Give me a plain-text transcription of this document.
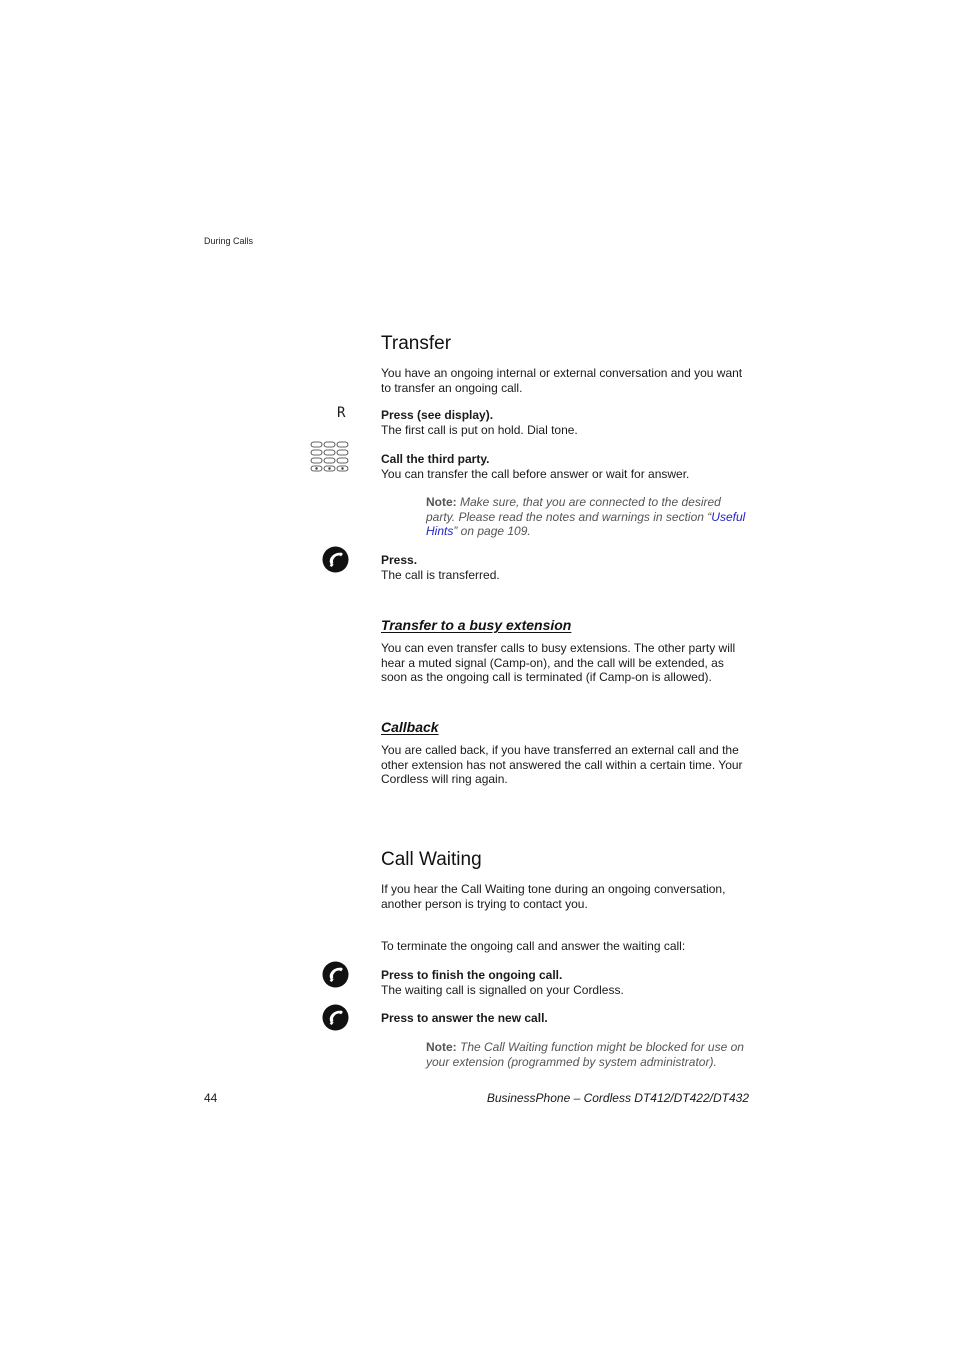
During Calls
Transfer
You have an ongoing internal or external conversation and you want to transfer an ongoing call.
R	Press (see display).
The first call is put on hold. Dial tone.
Call the third party.
You can transfer the call before answer or wait for answer.
Note: Make sure, that you are connected to the desired party. Please read the notes and warnings in section “Useful Hints” on page 109.
Press.
The call is transferred.
Transfer to a busy extension
You can even transfer calls to busy extensions. The other party will hear a muted signal (Camp-on), and the call will be extended, as soon as the ongoing call is terminated (if Camp-on is allowed).
Callback
You are called back, if you have transferred an external call and the other extension has not answered the call within a certain time. Your Cordless will ring again.
Call Waiting
If you hear the Call Waiting tone during an ongoing conversation, another person is trying to contact you.
To terminate the ongoing call and answer the waiting call:
Press to finish the ongoing call.
The waiting call is signalled on your Cordless.
Press to answer the new call.
Note: The Call Waiting function might be blocked for use on your extension (programmed by system administrator).
44	BusinessPhone – Cordless DT412/DT422/DT432
